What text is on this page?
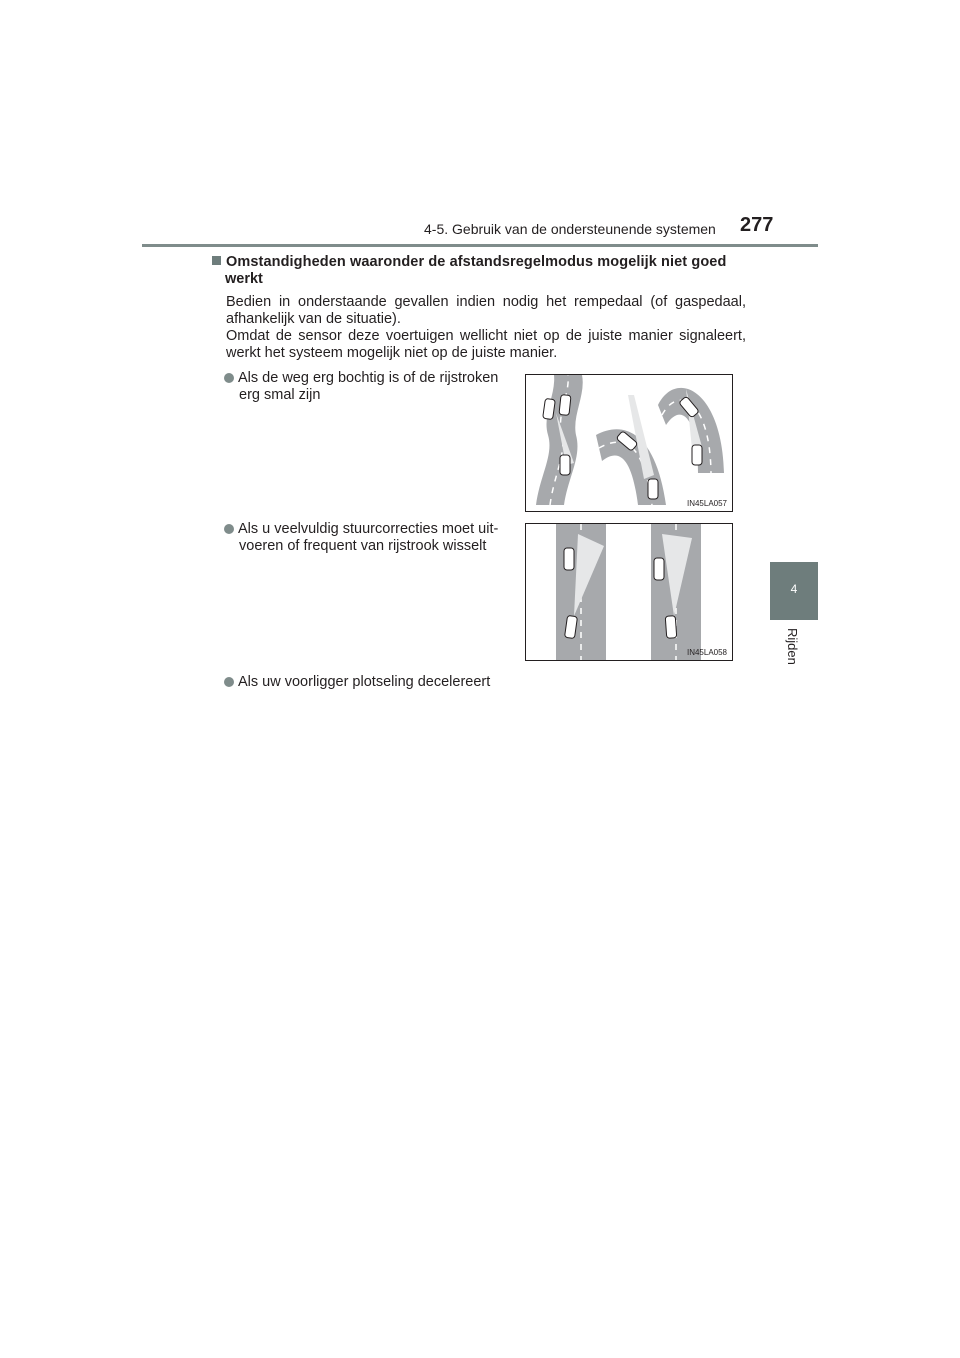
4-5. Gebruik van de ondersteunende systemen 277
4
Rijden
Omstandigheden waaronder de afstandsregelmodus mogelijk niet goed
werkt
Bedien in onderstaande gevallen indien nodig het rempedaal (of gaspedaal, afhankelijk van de situatie).
Omdat de sensor deze voertuigen wellicht niet op de juiste manier signaleert, werkt het systeem mogelijk niet op de juiste manier.
Als de weg erg bochtig is of de rijstroken
erg smal zijn
IN45LA057
Als u veelvuldig stuurcorrecties moet uit-
voeren of frequent van rijstrook wisselt
IN45LA058
Als uw voorligger plotseling decelereert
